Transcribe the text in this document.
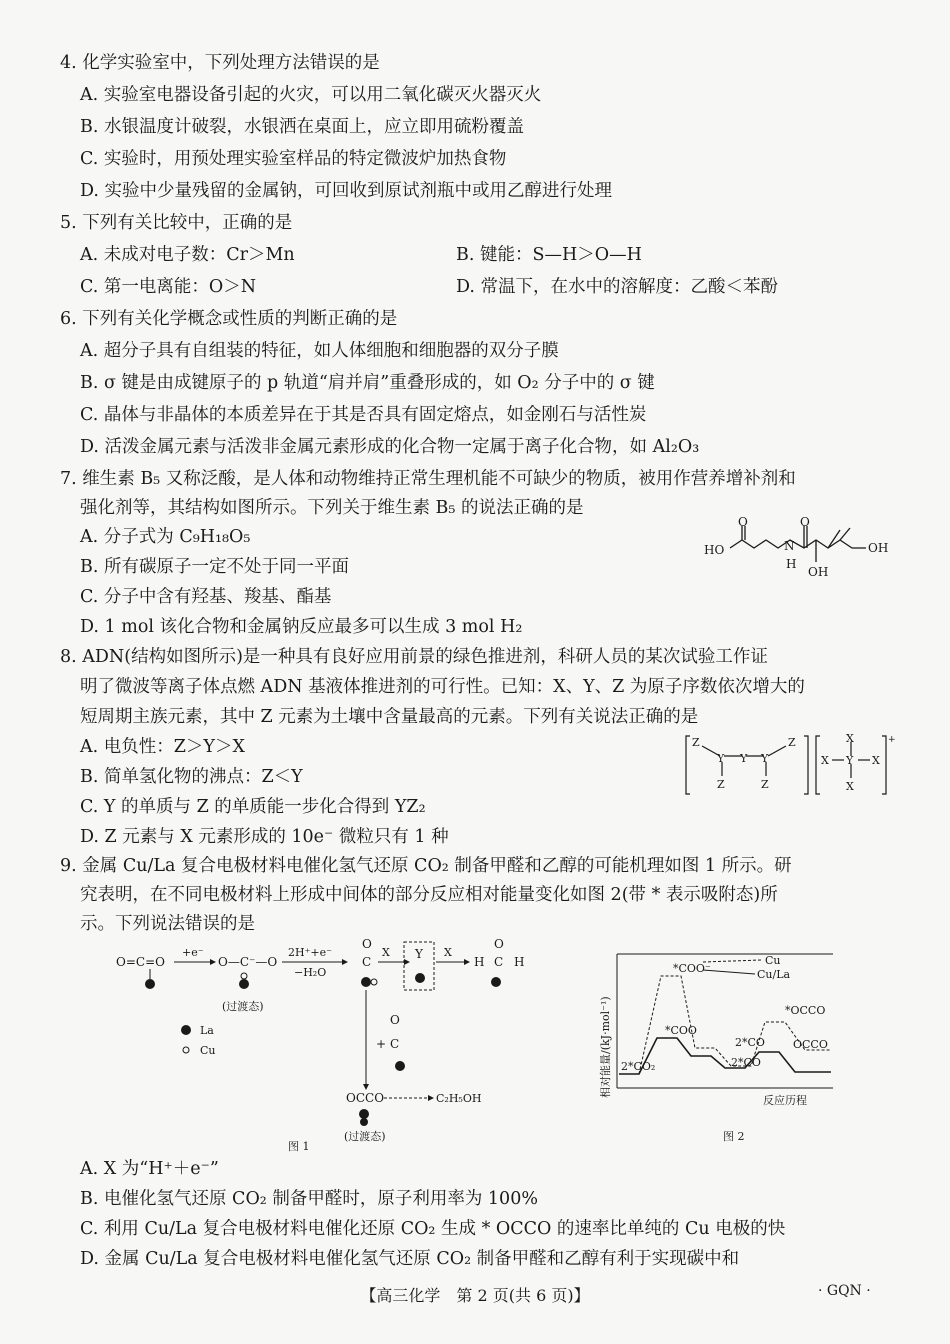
4. 化学实验室中，下列处理方法错误的是
A. 实验室电器设备引起的火灾，可以用二氧化碳灭火器灭火
B. 水银温度计破裂，水银洒在桌面上，应立即用硫粉覆盖
C. 实验时，用预处理实验室样品的特定微波炉加热食物
D. 实验中少量残留的金属钠，可回收到原试剂瓶中或用乙醇进行处理
5. 下列有关比较中，正确的是
A. 未成对电子数：Cr＞Mn	B. 键能：S—H＞O—H
C. 第一电离能：O＞N	D. 常温下，在水中的溶解度：乙酸＜苯酚
6. 下列有关化学概念或性质的判断正确的是
A. 超分子具有自组装的特征，如人体细胞和细胞器的双分子膜
B. σ 键是由成键原子的 p 轨道“肩并肩”重叠形成的，如 O₂ 分子中的 σ 键
C. 晶体与非晶体的本质差异在于其是否具有固定熔点，如金刚石与活性炭
D. 活泼金属元素与活泼非金属元素形成的化合物一定属于离子化合物，如 Al₂O₃
7. 维生素 B₅ 又称泛酸，是人体和动物维持正常生理机能不可缺少的物质，被用作营养增补剂和
强化剂等，其结构如图所示。下列关于维生素 B₅ 的说法正确的是
A. 分子式为 C₉H₁₈O₅
B. 所有碳原子一定不处于同一平面
C. 分子中含有羟基、羧基、酯基
D. 1 mol 该化合物和金属钠反应最多可以生成 3 mol H₂
8. ADN(结构如图所示)是一种具有良好应用前景的绿色推进剂，科研人员的某次试验工作证
明了微波等离子体点燃 ADN 基液体推进剂的可行性。已知：X、Y、Z 为原子序数依次增大的
短周期主族元素，其中 Z 元素为土壤中含量最高的元素。下列有关说法正确的是
A. 电负性：Z＞Y＞X
B. 简单氢化物的沸点：Z＜Y
C. Y 的单质与 Z 的单质能一步化合得到 YZ₂
D. Z 元素与 X 元素形成的 10e⁻ 微粒只有 1 种
9. 金属 Cu/La 复合电极材料电催化氢气还原 CO₂ 制备甲醛和乙醇的可能机理如图 1 所示。研
究表明，在不同电极材料上形成中间体的部分反应相对能量变化如图 2(带 * 表示吸附态)所
示。下列说法错误的是
A. X 为“H⁺＋e⁻”
B. 电催化氢气还原 CO₂ 制备甲醛时，原子利用率为 100%
C. 利用 Cu/La 复合电极材料电催化还原 CO₂ 生成 * OCCO 的速率比单纯的 Cu 电极的快
D. 金属 Cu/La 复合电极材料电催化氢气还原 CO₂ 制备甲醛和乙醇有利于实现碳中和
HO
O
N
H
O
OH
OH
Z
Y Y Y
Z
Z	Z
X
X Y X
X
+
O=C=O
+e⁻
O—C⁻—O
(过渡态)
2H⁺+e⁻
−H₂O
O
C
X Y X
O
H C H
+
O
C
OCCO	C₂H₅OH
(过渡态)
La
Cu
图 1
相对能量/(kJ·mol⁻¹)
Cu
Cu/La
*COO⁻
*COO
*OCCO
2*CO
2*CO
OCCO
2*CO₂
反应历程
图 2
【高三化学　第 2 页(共 6 页)】	· GQN ·
